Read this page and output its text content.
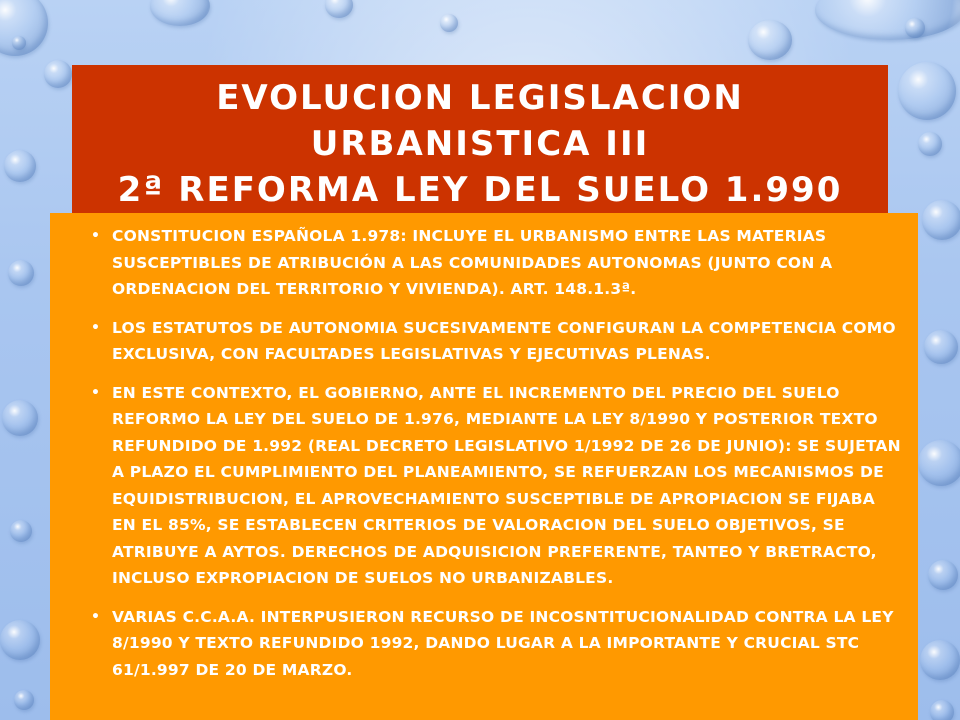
EVOLUCION LEGISLACION
URBANISTICA III
2ª REFORMA LEY DEL SUELO 1.990
• CONSTITUCION ESPAÑOLA 1.978: INCLUYE EL URBANISMO ENTRE LAS MATERIAS SUSCEPTIBLES DE ATRIBUCIÓN A LAS COMUNIDADES AUTONOMAS (JUNTO CON A ORDENACION DEL TERRITORIO Y VIVIENDA). ART. 148.1.3ª.
• LOS ESTATUTOS DE AUTONOMIA SUCESIVAMENTE CONFIGURAN LA COMPETENCIA COMO EXCLUSIVA, CON FACULTADES LEGISLATIVAS Y EJECUTIVAS PLENAS.
• EN ESTE CONTEXTO, EL GOBIERNO, ANTE EL INCREMENTO DEL PRECIO DEL SUELO REFORMO LA LEY DEL SUELO DE 1.976, MEDIANTE LA LEY 8/1990 Y POSTERIOR TEXTO REFUNDIDO DE 1.992 (REAL DECRETO LEGISLATIVO 1/1992 DE 26 DE JUNIO): SE SUJETAN A PLAZO EL CUMPLIMIENTO DEL PLANEAMIENTO, SE REFUERZAN LOS MECANISMOS DE EQUIDISTRIBUCION, EL APROVECHAMIENTO SUSCEPTIBLE DE APROPIACION SE FIJABA EN EL 85%, SE ESTABLECEN CRITERIOS DE VALORACION DEL SUELO OBJETIVOS, SE ATRIBUYE A AYTOS. DERECHOS DE ADQUISICION PREFERENTE, TANTEO Y BRETRACTO, INCLUSO EXPROPIACION DE SUELOS NO URBANIZABLES.
• VARIAS C.C.A.A. INTERPUSIERON RECURSO DE INCOSNTITUCIONALIDAD CONTRA LA LEY 8/1990 Y TEXTO REFUNDIDO 1992, DANDO LUGAR A LA IMPORTANTE Y CRUCIAL STC 61/1.997 DE 20 DE MARZO.
